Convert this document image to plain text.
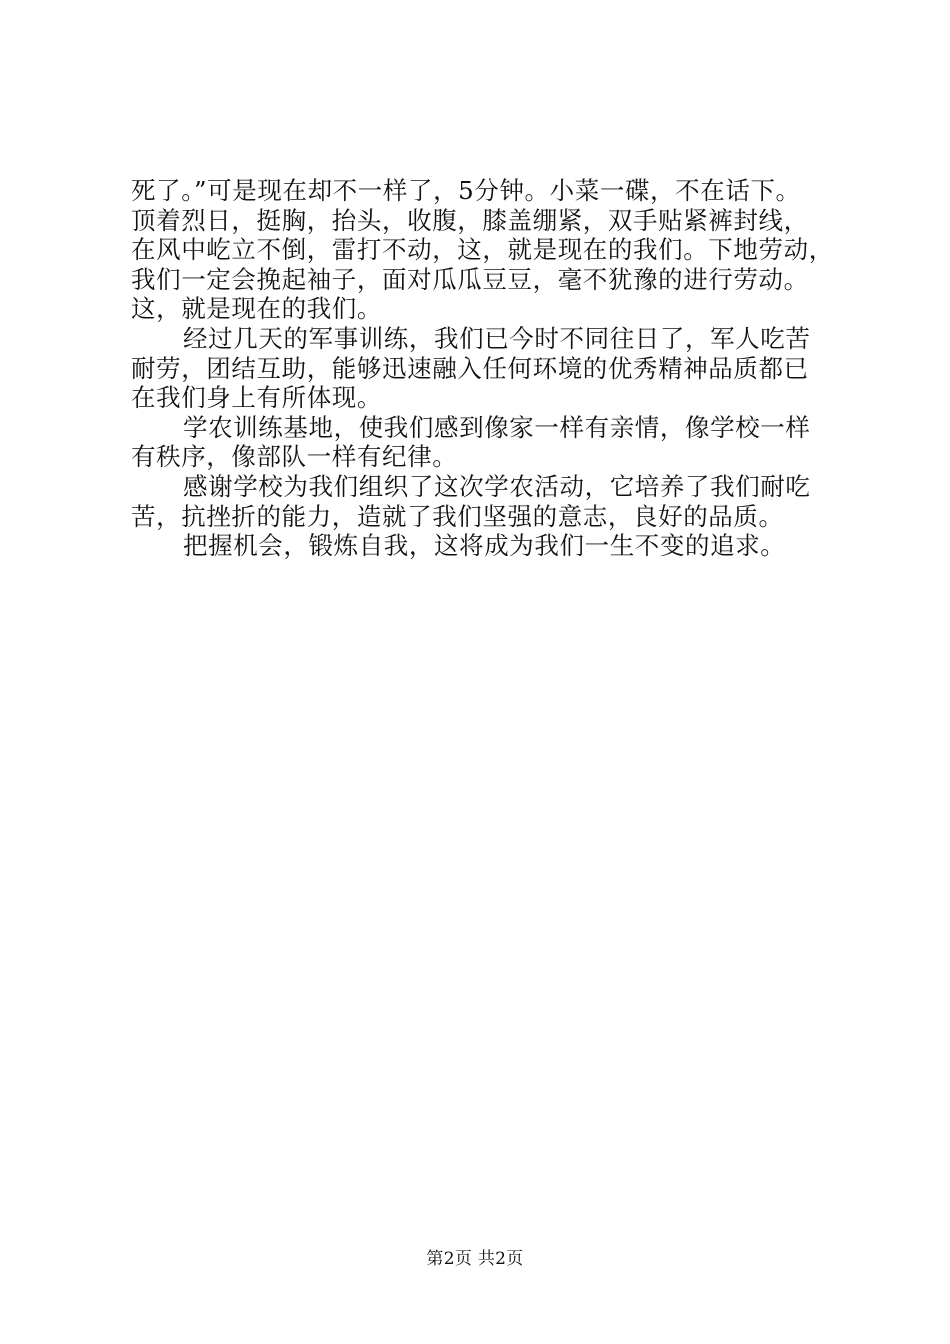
死了。”可是现在却不一样了，5分钟。小菜一碟，不在话下。
顶着烈日，挺胸，抬头，收腹，膝盖绷紧，双手贴紧裤封线，
在风中屹立不倒，雷打不动，这，就是现在的我们。下地劳动，
我们一定会挽起袖子，面对瓜瓜豆豆，毫不犹豫的进行劳动。
这，就是现在的我们。
经过几天的军事训练，我们已今时不同往日了，军人吃苦
耐劳，团结互助，能够迅速融入任何环境的优秀精神品质都已
在我们身上有所体现。
学农训练基地，使我们感到像家一样有亲情，像学校一样
有秩序，像部队一样有纪律。
感谢学校为我们组织了这次学农活动，它培养了我们耐吃
苦，抗挫折的能力，造就了我们坚强的意志，良好的品质。
把握机会，锻炼自我，这将成为我们一生不变的追求。
第2页 共2页
